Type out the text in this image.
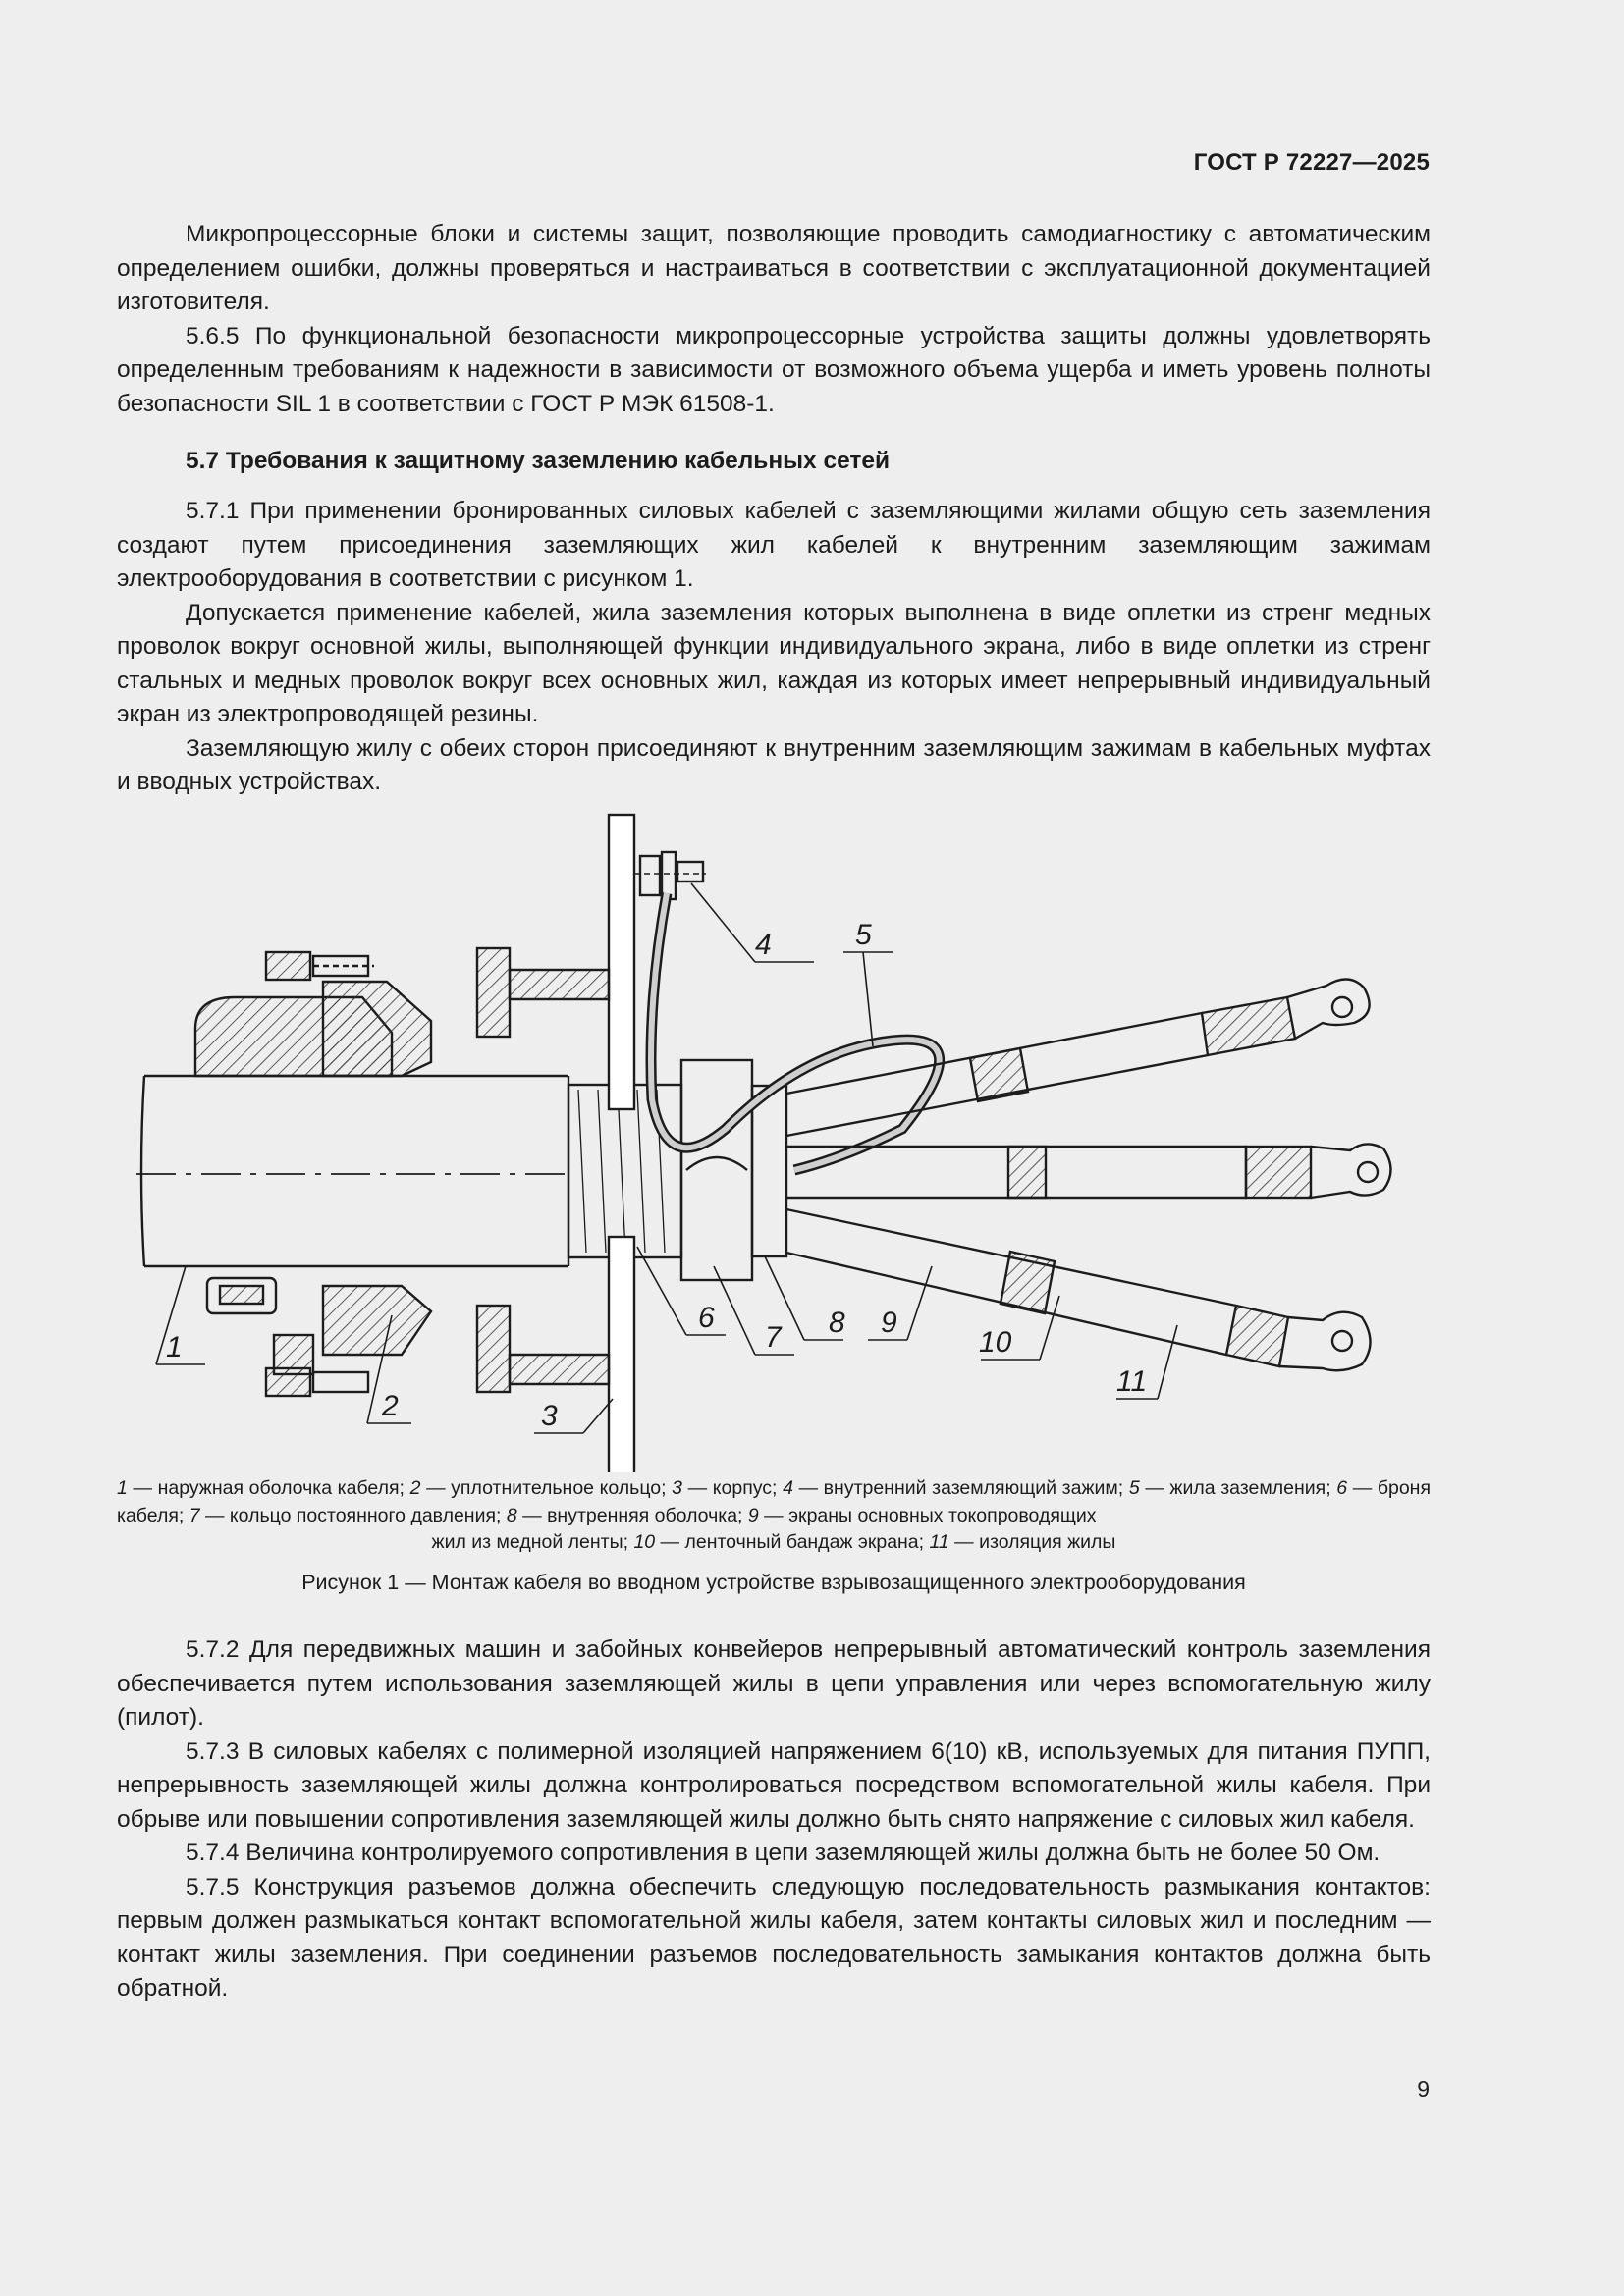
ГОСТ Р 72227—2025

Микропроцессорные блоки и системы защит, позволяющие проводить самодиагностику с автоматическим определением ошибки, должны проверяться и настраиваться в соответствии с эксплуатационной документацией изготовителя.

5.6.5 По функциональной безопасности микропроцессорные устройства защиты должны удовлетворять определенным требованиям к надежности в зависимости от возможного объема ущерба и иметь уровень полноты безопасности SIL 1 в соответствии с ГОСТ Р МЭК 61508-1.

5.7 Требования к защитному заземлению кабельных сетей

5.7.1 При применении бронированных силовых кабелей с заземляющими жилами общую сеть заземления создают путем присоединения заземляющих жил кабелей к внутренним заземляющим зажимам электрооборудования в соответствии с рисунком 1.

Допускается применение кабелей, жила заземления которых выполнена в виде оплетки из стренг медных проволок вокруг основной жилы, выполняющей функции индивидуального экрана, либо в виде оплетки из стренг стальных и медных проволок вокруг всех основных жил, каждая из которых имеет непрерывный индивидуальный экран из электропроводящей резины.

Заземляющую жилу с обеих сторон присоединяют к внутренним заземляющим зажимам в кабельных муфтах и вводных устройствах.

1
2	3
4	5
6
7 8 9
10
11
1 — наружная оболочка кабеля; 2 — уплотнительное кольцо; 3 — корпус; 4 — внутренний заземляющий зажим; 5 — жила заземления; 6 — броня кабеля; 7 — кольцо постоянного давления; 8 — внутренняя оболочка; 9 — экраны основных токопроводящих
жил из медной ленты; 10 — ленточный бандаж экрана; 11 — изоляция жилы
Рисунок 1 — Монтаж кабеля во вводном устройстве взрывозащищенного электрооборудования

5.7.2 Для передвижных машин и забойных конвейеров непрерывный автоматический контроль заземления обеспечивается путем использования заземляющей жилы в цепи управления или через вспомогательную жилу (пилот).

5.7.3 В силовых кабелях с полимерной изоляцией напряжением 6(10) кВ, используемых для питания ПУПП, непрерывность заземляющей жилы должна контролироваться посредством вспомогательной жилы кабеля. При обрыве или повышении сопротивления заземляющей жилы должно быть снято напряжение с силовых жил кабеля.

5.7.4 Величина контролируемого сопротивления в цепи заземляющей жилы должна быть не более 50 Ом.

5.7.5 Конструкция разъемов должна обеспечить следующую последовательность размыкания контактов: первым должен размыкаться контакт вспомогательной жилы кабеля, затем контакты силовых жил и последним — контакт жилы заземления. При соединении разъемов последовательность замыкания контактов должна быть обратной.

9
